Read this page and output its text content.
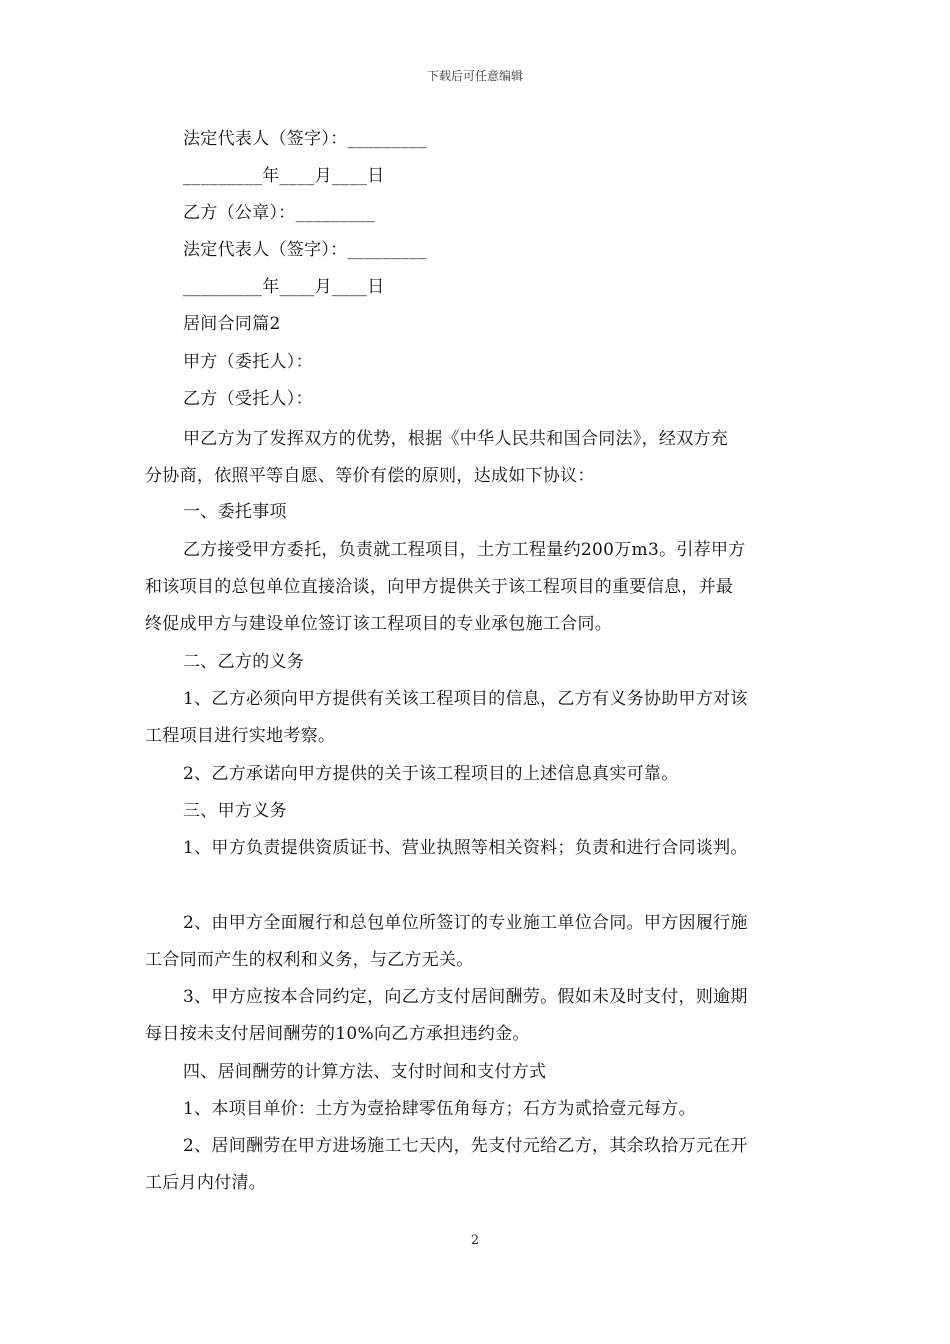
下载后可任意编辑
法定代表人（签字）：_________
_________年____月____日
乙方（公章）：_________
法定代表人（签字）：_________
_________年____月____日
居间合同篇2
甲方（委托人）：
乙方（受托人）：
甲乙方为了发挥双方的优势，根据《中华人民共和国合同法》，经双方充
分协商，依照平等自愿、等价有偿的原则，达成如下协议：
一、委托事项
乙方接受甲方委托，负责就工程项目，土方工程量约200万m3。引荐甲方
和该项目的总包单位直接洽谈，向甲方提供关于该工程项目的重要信息，并最
终促成甲方与建设单位签订该工程项目的专业承包施工合同。
二、乙方的义务
1、乙方必须向甲方提供有关该工程项目的信息，乙方有义务协助甲方对该
工程项目进行实地考察。
2、乙方承诺向甲方提供的关于该工程项目的上述信息真实可靠。
三、甲方义务
1、甲方负责提供资质证书、营业执照等相关资料；负责和进行合同谈判。
2、由甲方全面履行和总包单位所签订的专业施工单位合同。甲方因履行施
工合同而产生的权利和义务，与乙方无关。
3、甲方应按本合同约定，向乙方支付居间酬劳。假如未及时支付，则逾期
每日按未支付居间酬劳的10%向乙方承担违约金。
四、居间酬劳的计算方法、支付时间和支付方式
1、本项目单价：土方为壹拾肆零伍角每方；石方为贰拾壹元每方。
2、居间酬劳在甲方进场施工七天内，先支付元给乙方，其余玖拾万元在开
工后月内付清。
2
